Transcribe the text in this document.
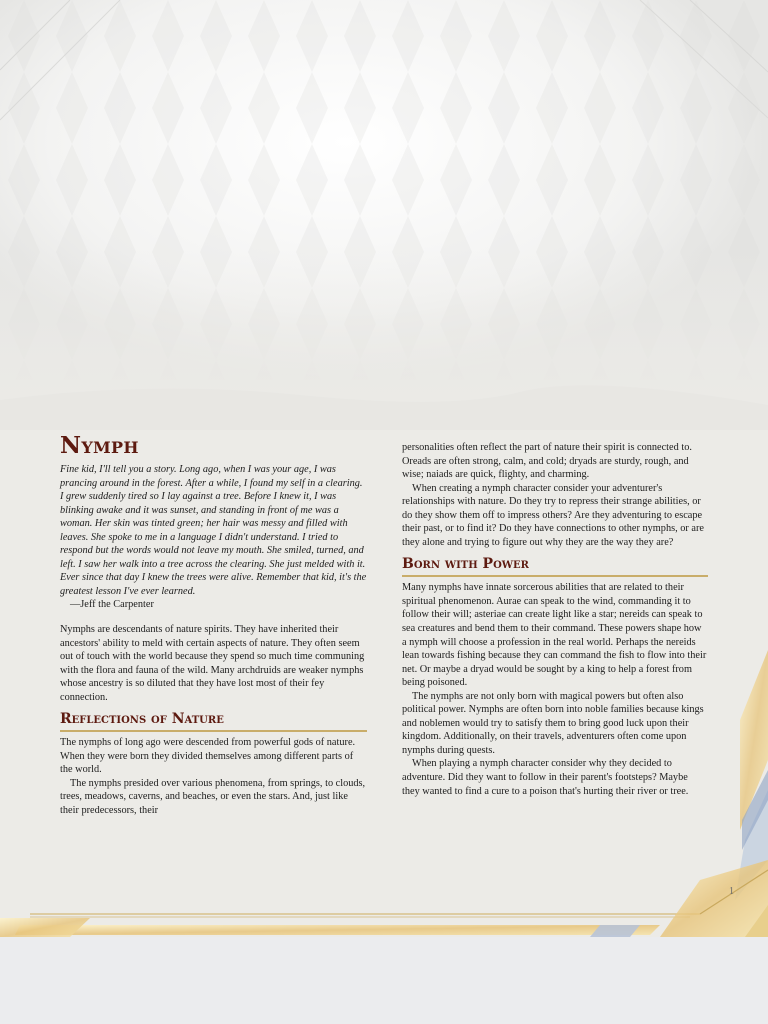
Nymph

Fine kid, I'll tell you a story. Long ago, when I was your age, I was prancing around in the forest. After a while, I found my self in a clearing. I grew suddenly tired so I lay against a tree. Before I knew it, I was blinking awake and it was sunset, and standing in front of me was a woman. Her skin was tinted green; her hair was messy and filled with leaves. She spoke to me in a language I didn't understand. I tried to respond but the words would not leave my mouth. She smiled, turned, and left. I saw her walk into a tree across the clearing. She just melded with it. Ever since that day I knew the trees were alive. Remember that kid, it's the greatest lesson I've ever learned.

—Jeff the Carpenter

Nymphs are descendants of nature spirits. They have inherited their ancestors' ability to meld with certain aspects of nature. They often seem out of touch with the world because they spend so much time communing with the flora and fauna of the wild. Many archdruids are weaker nymphs whose ancestry is so diluted that they have lost most of their fey connection.

Reflections of Nature

The nymphs of long ago were descended from powerful gods of nature. When they were born they divided themselves among different parts of the world.

The nymphs presided over various phenomena, from springs, to clouds, trees, meadows, caverns, and beaches, or even the stars. And, just like their predecessors, their

personalities often reflect the part of nature their spirit is connected to. Oreads are often strong, calm, and cold; dryads are sturdy, rough, and wise; naiads are quick, flighty, and charming.

When creating a nymph character consider your adventurer's relationships with nature. Do they try to repress their strange abilities, or do they show them off to impress others? Are they adventuring to escape their past, or to find it? Do they have connections to other nymphs, or are they alone and trying to figure out why they are the way they are?

Born with Power

Many nymphs have innate sorcerous abilities that are related to their spiritual phenomenon. Aurae can speak to the wind, commanding it to follow their will; asteriae can create light like a star; nereids can speak to sea creatures and bend them to their command. These powers shape how a nymph will choose a profession in the real world. Perhaps the nereids lean towards fishing because they can command the fish to flow into their net. Or maybe a dryad would be sought by a king to help a forest from being poisoned.

The nymphs are not only born with magical powers but often also political power. Nymphs are often born into noble families because kings and noblemen would try to satisfy them to bring good luck upon their kingdom. Additionally, on their travels, adventurers often come upon nymphs during quests.

When playing a nymph character consider why they decided to adventure. Did they want to follow in their parent's footsteps? Maybe they wanted to find a cure to a poison that's hurting their river or tree.

1
